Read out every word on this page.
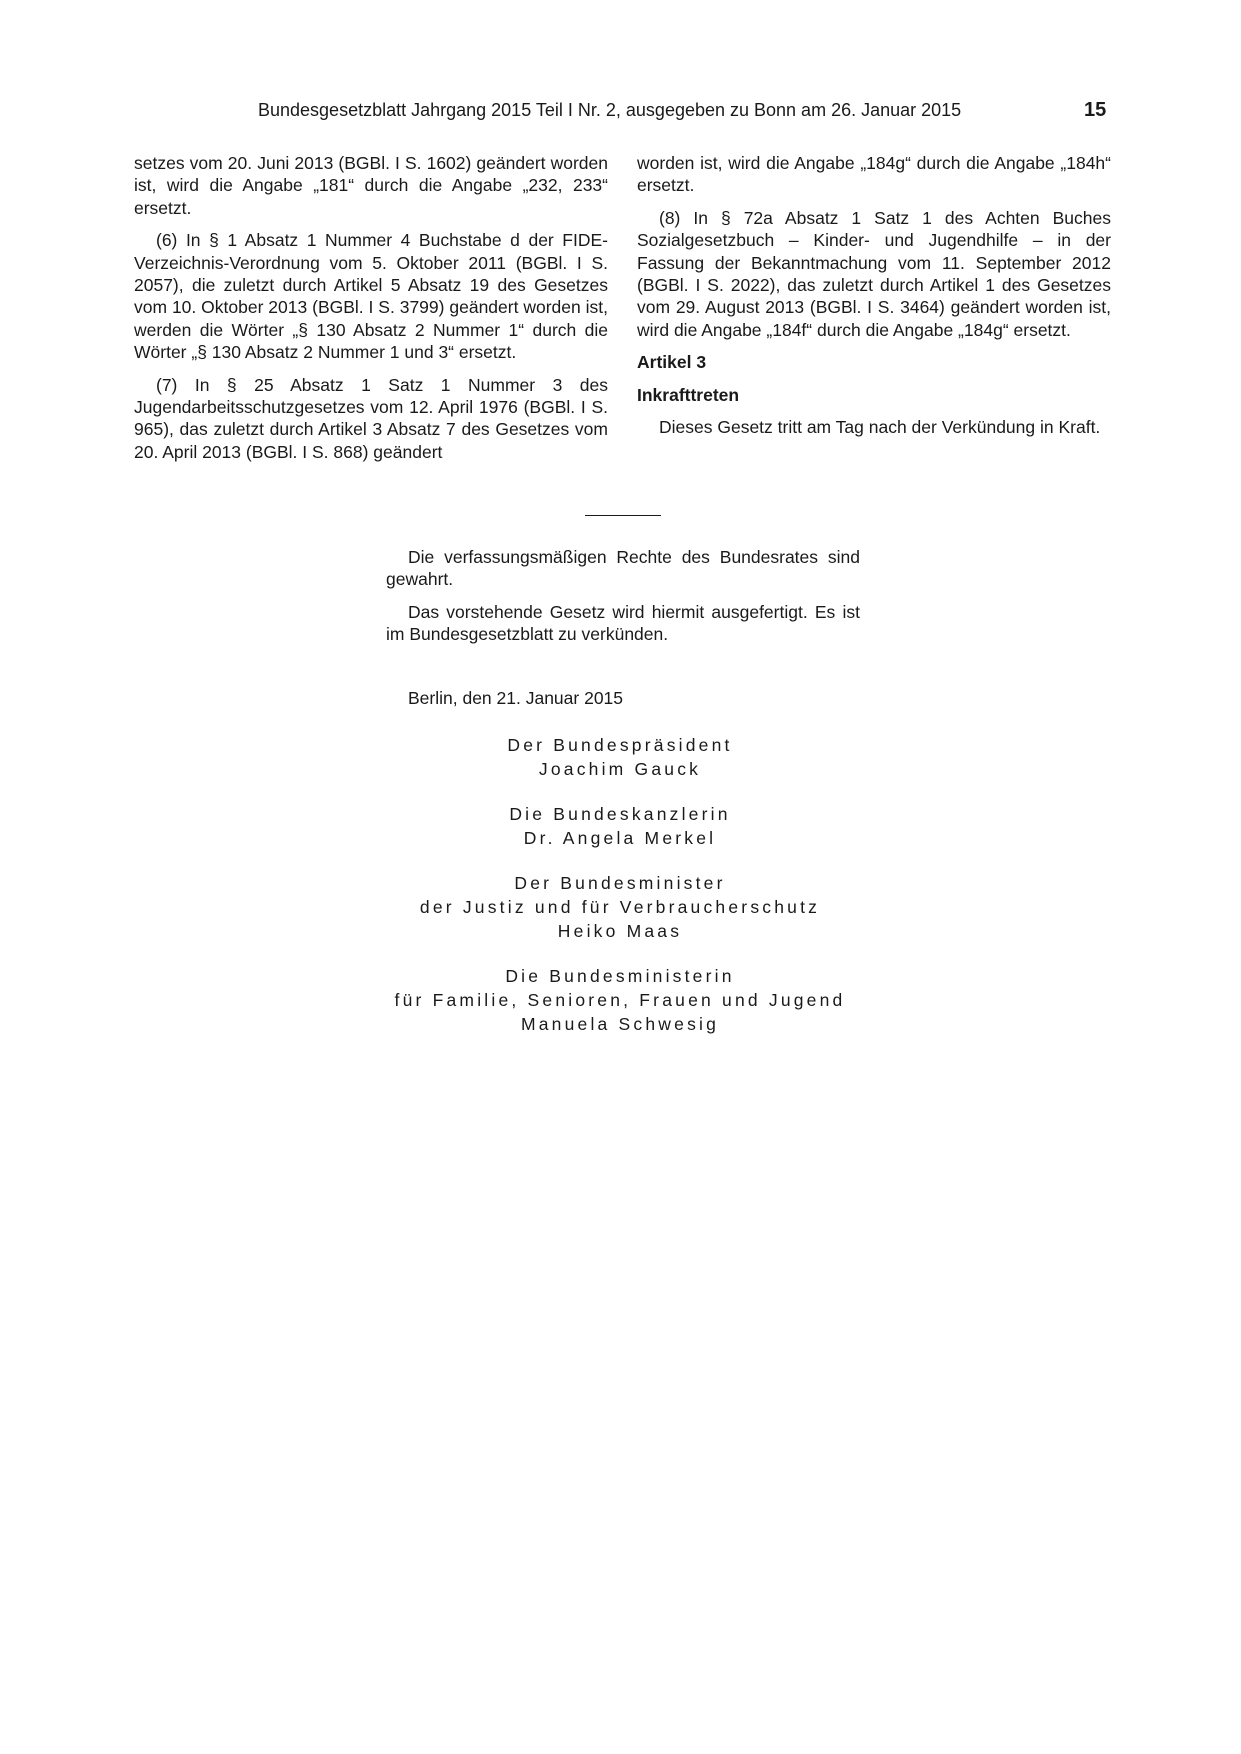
Bundesgesetzblatt Jahrgang 2015 Teil I Nr. 2, ausgegeben zu Bonn am 26. Januar 2015	15

setzes vom 20. Juni 2013 (BGBl. I S. 1602) geändert worden ist, wird die Angabe „181“ durch die Angabe „232, 233“ ersetzt.

(6) In § 1 Absatz 1 Nummer 4 Buchstabe d der FIDE-Verzeichnis-Verordnung vom 5. Oktober 2011 (BGBl. I S. 2057), die zuletzt durch Artikel 5 Absatz 19 des Gesetzes vom 10. Oktober 2013 (BGBl. I S. 3799) geändert worden ist, werden die Wörter „§ 130 Absatz 2 Nummer 1“ durch die Wörter „§ 130 Absatz 2 Nummer 1 und 3“ ersetzt.

(7) In § 25 Absatz 1 Satz 1 Nummer 3 des Jugendarbeitsschutzgesetzes vom 12. April 1976 (BGBl. I S. 965), das zuletzt durch Artikel 3 Absatz 7 des Gesetzes vom 20. April 2013 (BGBl. I S. 868) geändert

worden ist, wird die Angabe „184g“ durch die Angabe „184h“ ersetzt.

(8) In § 72a Absatz 1 Satz 1 des Achten Buches Sozialgesetzbuch – Kinder- und Jugendhilfe – in der Fassung der Bekanntmachung vom 11. September 2012 (BGBl. I S. 2022), das zuletzt durch Artikel 1 des Gesetzes vom 29. August 2013 (BGBl. I S. 3464) geändert worden ist, wird die Angabe „184f“ durch die Angabe „184g“ ersetzt.

Artikel 3

Inkrafttreten

Dieses Gesetz tritt am Tag nach der Verkündung in Kraft.

Die verfassungsmäßigen Rechte des Bundesrates sind gewahrt.

Das vorstehende Gesetz wird hiermit ausgefertigt. Es ist im Bundesgesetzblatt zu verkünden.

Berlin, den 21. Januar 2015
Der Bundespräsident
Joachim Gauck
Die Bundeskanzlerin
Dr. Angela Merkel
Der Bundesminister
der Justiz und für Verbraucherschutz
Heiko Maas
Die Bundesministerin
für Familie, Senioren, Frauen und Jugend
Manuela Schwesig
